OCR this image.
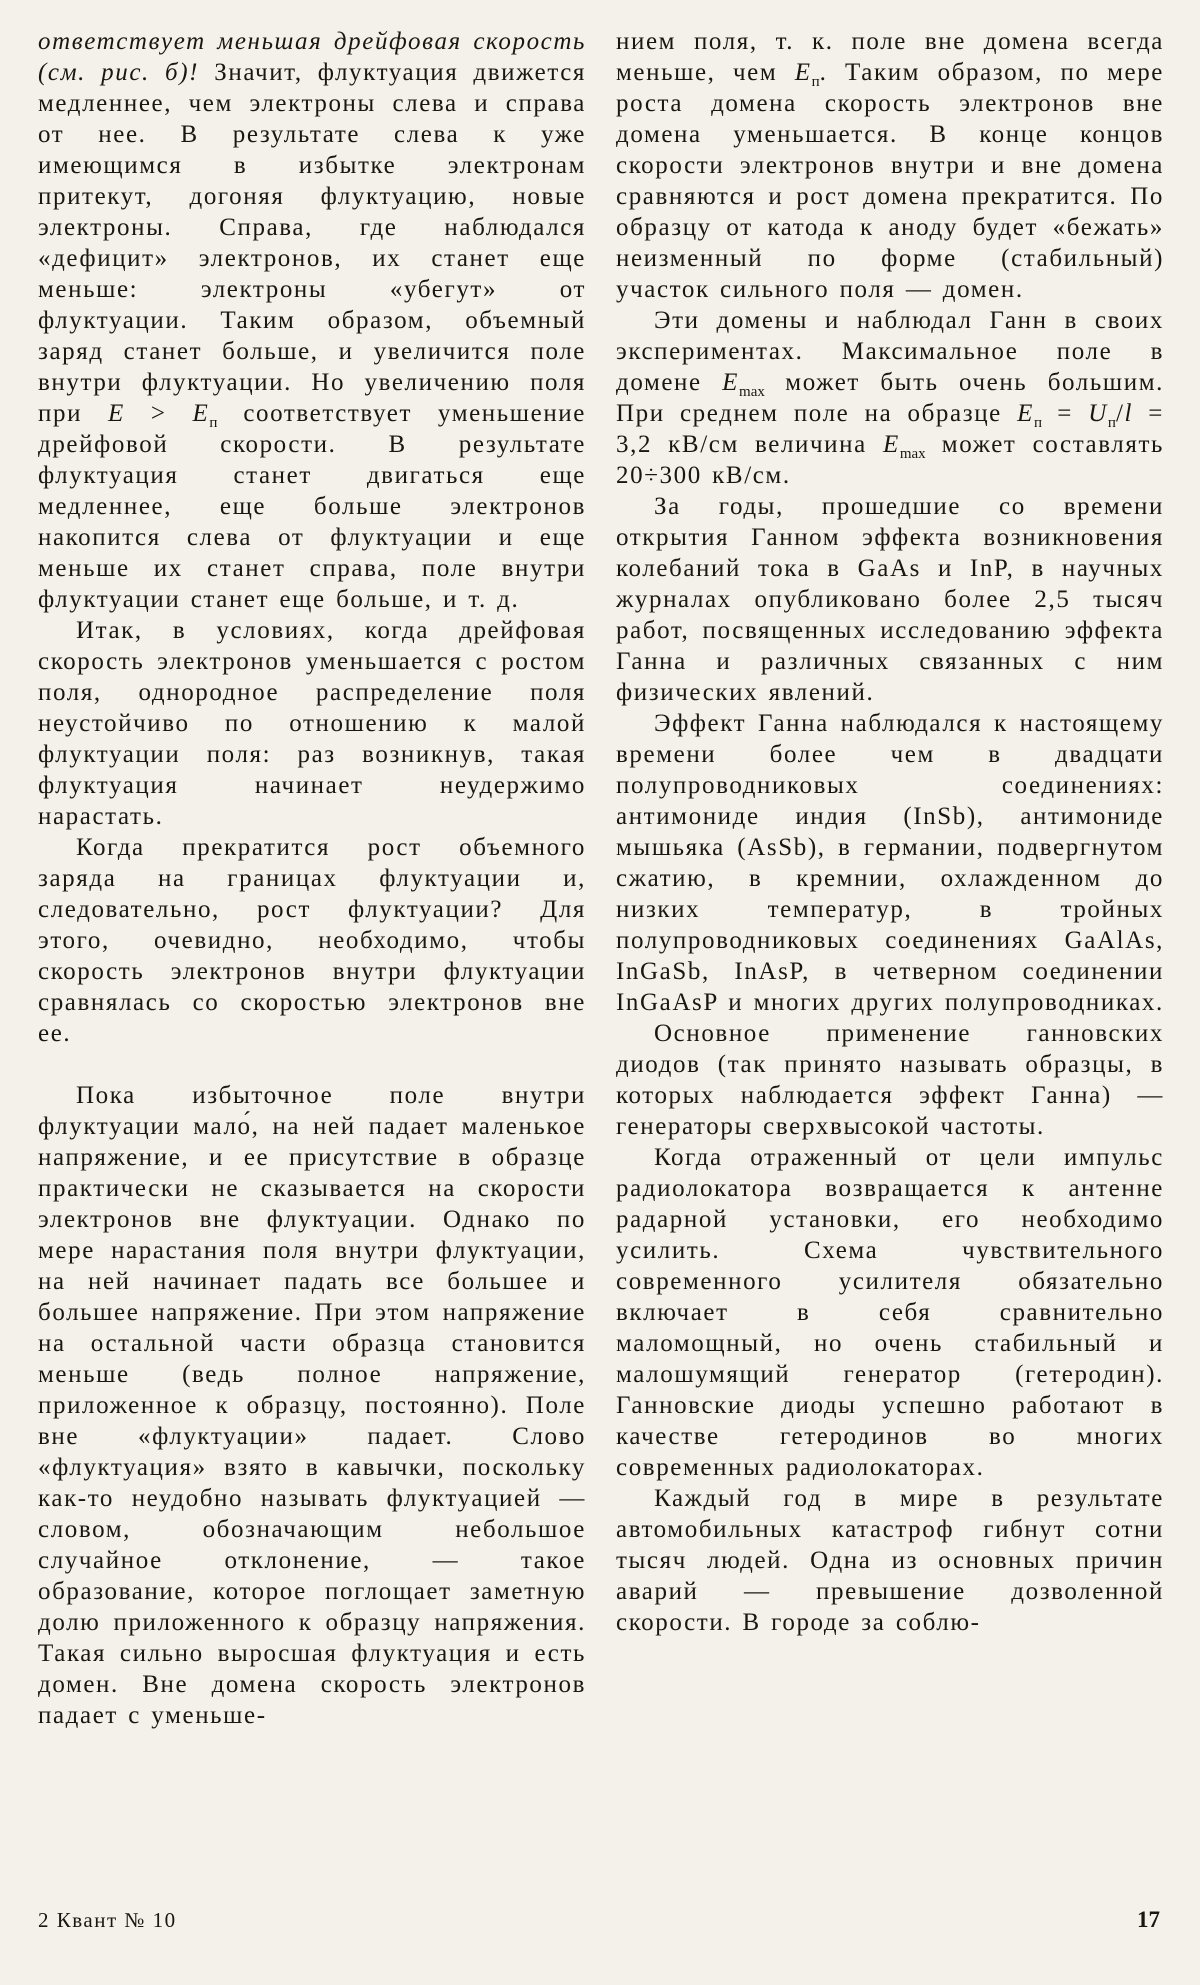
ответствует меньшая дрейфовая скорость (см. рис. б)! Значит, флуктуация движется медленнее, чем электроны слева и справа от нее. В результате слева к уже имеющимся в избытке электронам притекут, догоняя флуктуацию, новые электроны. Справа, где наблюдался «дефицит» электронов, их станет еще меньше: электроны «убегут» от флуктуации. Таким образом, объемный заряд станет больше, и увеличится поле внутри флуктуации. Но увеличению поля при $E > E_п$ соответствует уменьшение дрейфовой скорости. В результате флуктуация станет двигаться еще медленнее, еще больше электронов накопится слева от флуктуации и еще меньше их станет справа, поле внутри флуктуации станет еще больше, и т. д.

Итак, в условиях, когда дрейфовая скорость электронов уменьшается с ростом поля, однородное распределение поля неустойчиво по отношению к малой флуктуации поля: раз возникнув, такая флуктуация начинает неудержимо нарастать.

Когда прекратится рост объемного заряда на границах флуктуации и, следовательно, рост флуктуации? Для этого, очевидно, необходимо, чтобы скорость электронов внутри флуктуации сравнялась со скоростью электронов вне ее.

Пока избыточное поле внутри флуктуации мало́, на ней падает маленькое напряжение, и ее присутствие в образце практически не сказывается на скорости электронов вне флуктуации. Однако по мере нарастания поля внутри флуктуации, на ней начинает падать все большее и большее напряжение. При этом напряжение на остальной части образца становится меньше (ведь полное напряжение, приложенное к образцу, постоянно). Поле вне «флуктуации» падает. Слово «флуктуация» взято в кавычки, поскольку как-то неудобно называть флуктуацией — словом, обозначающим небольшое случайное отклонение, — такое образование, которое поглощает заметную долю приложенного к образцу напряжения. Такая сильно выросшая флуктуация и есть домен. Вне домена скорость электронов падает с уменьше-

нием поля, т. к. поле вне домена всегда меньше, чем $E_п$. Таким образом, по мере роста домена скорость электронов вне домена уменьшается. В конце концов скорости электронов внутри и вне домена сравняются и рост домена прекратится. По образцу от катода к аноду будет «бежать» неизменный по форме (стабильный) участок сильного поля — домен.

Эти домены и наблюдал Ганн в своих экспериментах. Максимальное поле в домене $E_{max}$ может быть очень большим. При среднем поле на образце $E_п = U_п/l = 3,2$ кВ/см величина $E_{max}$ может составлять 20÷300 кВ/см.

За годы, прошедшие со времени открытия Ганном эффекта возникновения колебаний тока в GaAs и InP, в научных журналах опубликовано более 2,5 тысяч работ, посвященных исследованию эффекта Ганна и различных связанных с ним физических явлений.

Эффект Ганна наблюдался к настоящему времени более чем в двадцати полупроводниковых соединениях: антимониде индия (InSb), антимониде мышьяка (AsSb), в германии, подвергнутом сжатию, в кремнии, охлажденном до низких температур, в тройных полупроводниковых соединениях GaAlAs, InGaSb, InAsP, в четверном соединении InGaAsP и многих других полупроводниках.

Основное применение ганновских диодов (так принято называть образцы, в которых наблюдается эффект Ганна) — генераторы сверхвысокой частоты.

Когда отраженный от цели импульс радиолокатора возвращается к антенне радарной установки, его необходимо усилить. Схема чувствительного современного усилителя обязательно включает в себя сравнительно маломощный, но очень стабильный и малошумящий генератор (гетеродин). Ганновские диоды успешно работают в качестве гетеродинов во многих современных радиолокаторах.

Каждый год в мире в результате автомобильных катастроф гибнут сотни тысяч людей. Одна из основных причин аварий — превышение дозволенной скорости. В городе за соблю-

2 Квант № 10	17
